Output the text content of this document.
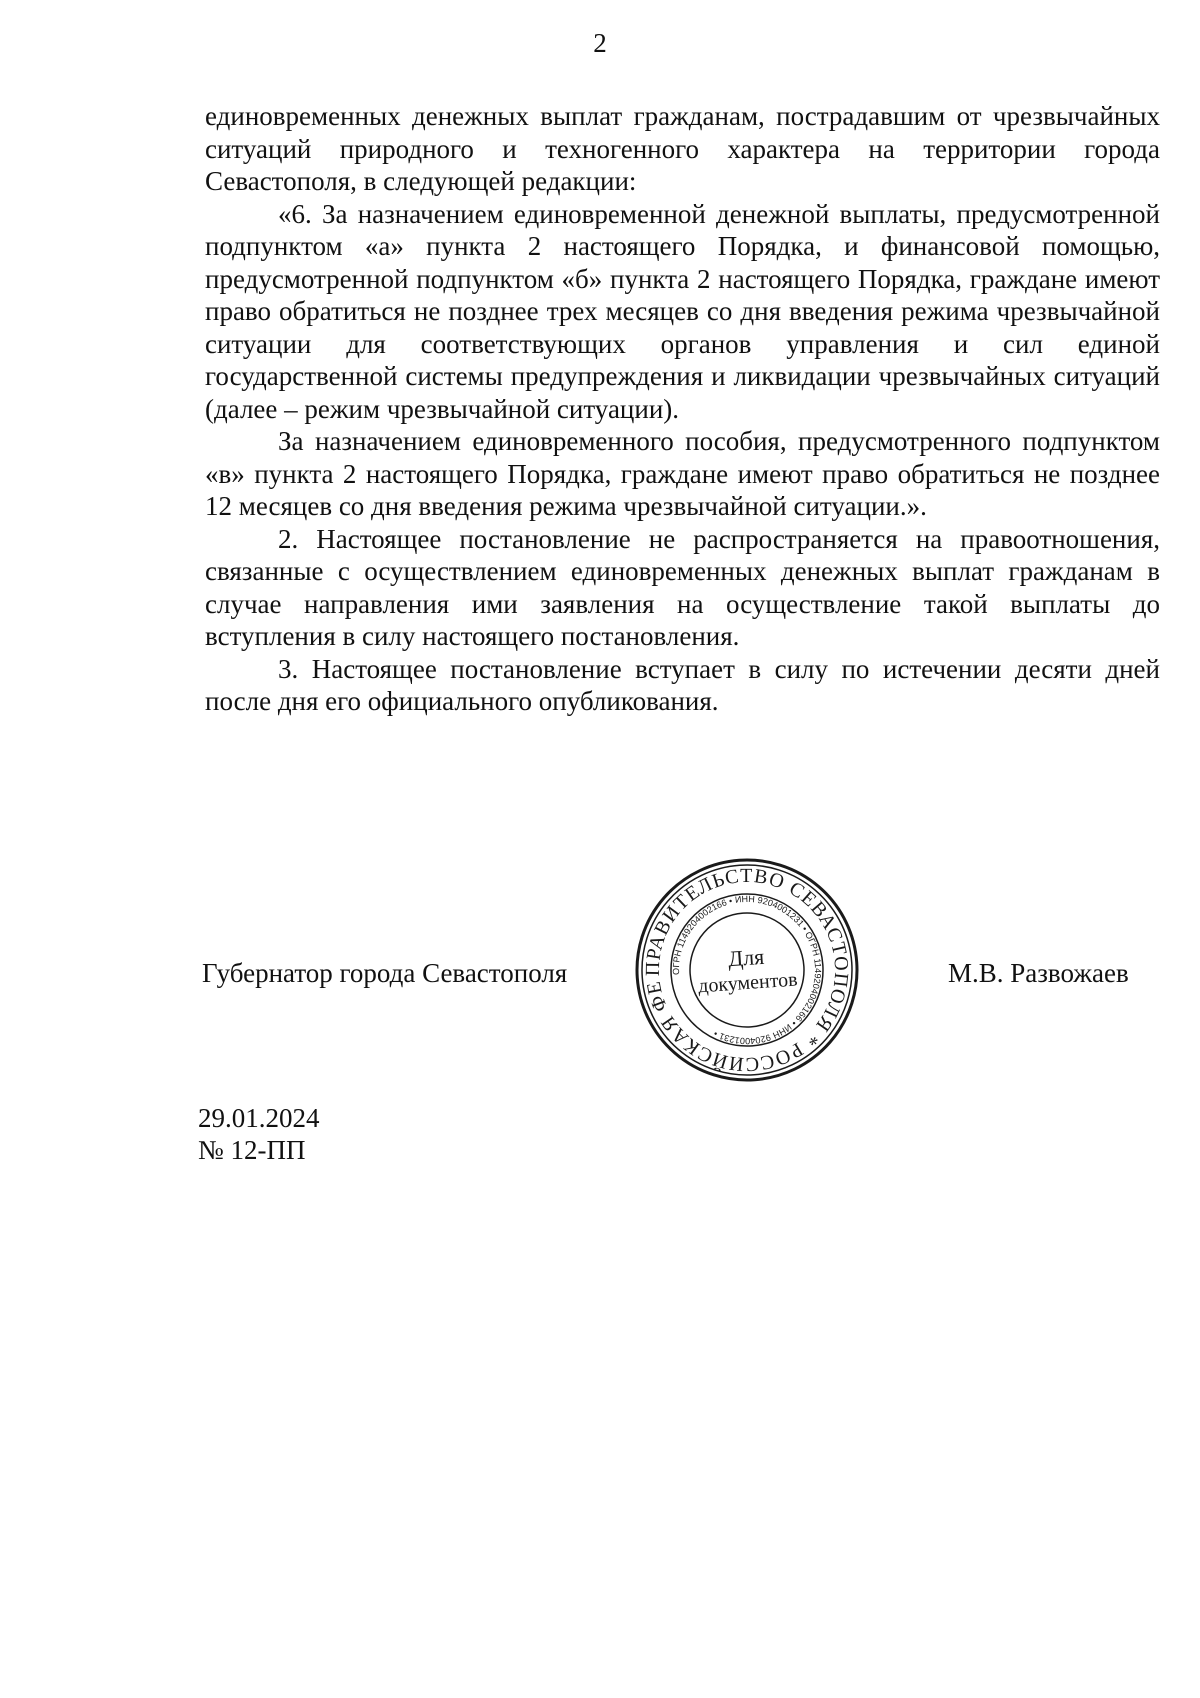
2

единовременных денежных выплат гражданам, пострадавшим от чрезвычайных ситуаций природного и техногенного характера на территории города Севастополя, в следующей редакции:

«6. За назначением единовременной денежной выплаты, предусмотренной подпунктом «а» пункта 2 настоящего Порядка, и финансовой помощью, предусмотренной подпунктом «б» пункта 2 настоящего Порядка, граждане имеют право обратиться не позднее трех месяцев со дня введения режима чрезвычайной ситуации для соответствующих органов управления и сил единой государственной системы предупреждения и ликвидации чрезвычайных ситуаций (далее – режим чрезвычайной ситуации).

За назначением единовременного пособия, предусмотренного подпунктом «в» пункта 2 настоящего Порядка, граждане имеют право обратиться не позднее 12 месяцев со дня введения режима чрезвычайной ситуации.».

2. Настоящее постановление не распространяется на правоотношения, связанные с осуществлением единовременных денежных выплат гражданам в случае направления ими заявления на осуществление такой выплаты до вступления в силу настоящего постановления.

3. Настоящее постановление вступает в силу по истечении десяти дней после дня его официального опубликования.

Губернатор города Севастополя	ПРАВИТЕЛЬСТВО СЕВАСТОПОЛЯ * РОССИЙСКАЯ ФЕДЕРАЦИЯ *
ОГРН 1149204002166 • ИНН 9204001231 • ОГРН 1149204002166 • ИНН 9204001231 •
Для
документов	М.В. Развожаев
29.01.2024
№ 12-ПП
